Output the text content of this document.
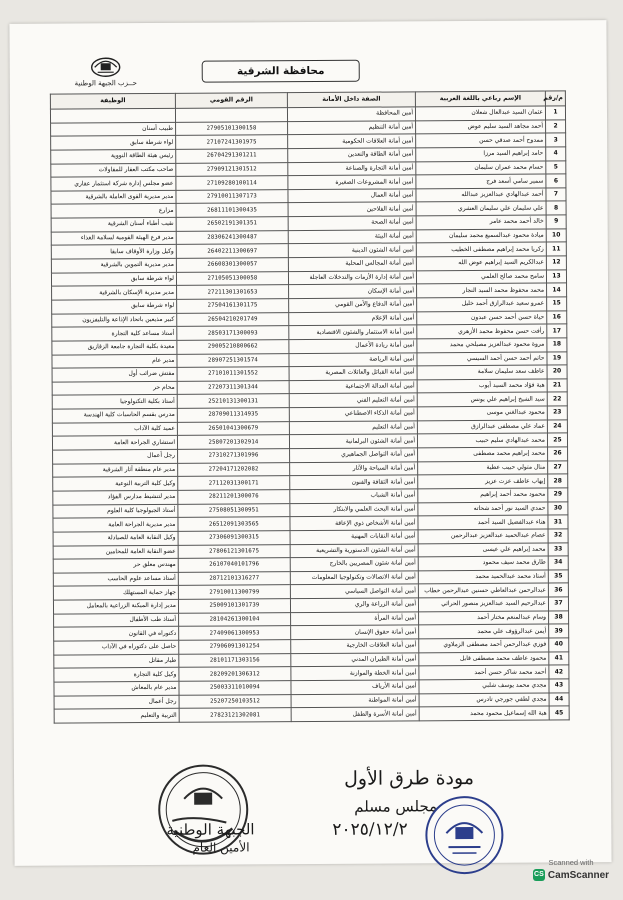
حــزب الجبهة الوطنية
محافظة الشرقية
م/رقم	الإسم رباعي باللغة العربية	الصفة داخل الأمانة	الرقم القومي	الوظيفة
1	عثمان السيد عبدالعال شعلان	أمين المحافظة		
2	أحمد مجاهد السيد سليم عوض	أمين أمانة التنظيم	27905101300158	طبيب أسنان
3	ممدوح أحمد صدقي حسن	أمين أمانة العلاقات الحكومية	27107241301975	لواء شرطة سابق
4	حامد إبراهيم السيد مرزا	أمين أمانة الطاقة والتعدين	26704291301211	رئيس هيئة الطاقة النووية
5	حسام محمد عمران سليمان	أمين أمانة التجارة والصناعة	27909121301512	صاحب مكتب العقار للمقاولات
6	سمير سامي أسعد فرج	أمين أمانة المشروعات الصغيرة	27109280100114	عضو مجلس إدارة شركة استثمار عقاري
7	أحمد عبدالهادي عبدالعزيز عبدالله	أمين أمانة العمال	27910011307173	مدير مديرية القوى العاملة بالشرقية
8	علي سليمان علي سليمان العشري	أمين أمانة الفلاحين	26811101300435	مزارع
9	خالد أحمد محمد عامر	أمين أمانة الصحة	26502191301351	نقيب أطباء أسنان الشرقية
10	ميادة محمود عبدالسميع محمد سليمان	أمين أمانة البيئة	28306241300487	مدير فرع الهيئة القومية لسلامة الغذاء
11	زكريا محمد إبراهيم مصطفى الخطيب	أمين أمانة الشئون الدينية	26402211300697	وكيل وزارة الأوقاف سابقا
12	عبدالكريم السيد إبراهيم عوض الله	أمين أمانة المجالس المحلية	26608301300057	مدير مديرية التموين بالشرقية
13	سامح محمد صالح العلمي	أمين أمانة إدارة الأزمات والتدخلات العاجلة	27105051300058	لواء شرطة سابق
14	محمد محفوظ محمد السيد النجار	أمين أمانة الإسكان	27211301301653	مدير مديرية الإسكان بالشرقية
15	عمرو سعيد عبدالرازق أحمد خليل	أمين أمانة الدفاع والأمن القومي	27504161301175	لواء شرطة سابق
16	حياة حسن أحمد حسن عبدون	أمين أمانة الإعلام	26504210201749	كبير مذيعين باتحاد الإذاعة والتليفزيون
17	رأفت حسن محفوظ محمد الأزهري	أمين أمانة الاستثمار والشئون الاقتصادية	28503171300093	أستاذ مساعد كلية التجارة
18	مروة محمود عبدالعزيز مصيلحي محمد	أمين أمانة ريادة الأعمال	29005210800662	معيدة بكلية التجارة جامعة الزقازيق
19	حاتم أحمد حسن أحمد السيسي	أمين أمانة الرياضة	28907251301574	مدير عام
20	عاطف سعد سليمان سلامة	أمين أمانة القبائل والعائلات المصرية	27101011301552	مفتش ضرائب أول
21	هبة فؤاد محمد السيد أيوب	أمين أمانة العدالة الاجتماعية	27207311301344	محام حر
22	سيد الشيخ إبراهيم علي يونس	أمين أمانة التعليم الفني	25210131300131	أستاذ بكلية التكنولوجيا
23	محمود عبدالغني موسى	أمين أمانة الذكاء الاصطناعي	28709011314935	مدرس بقسم الحاسبات كلية الهندسة
24	عماد علي مصطفى عبدالرازق	أمين أمانة التعليم	26501041300679	عميد كلية الآداب
25	محمد عبدالهادي سليم حبيب	أمين أمانة الشئون البرلمانية	25807201302914	استشاري الجراحة العامة
26	محمد إبراهيم محمد مصطفى	أمين أمانة التواصل الجماهيري	27310271301996	رجل أعمال
27	منال متولي حبيب عطية	أمين أمانة السياحة والآثار	27204171202082	مدير عام منطقة آثار الشرقية
28	إيهاب عاطف عزت عزيز	أمين أمانة الثقافة والفنون	27112031300171	وكيل كلية التربية النوعية
29	محمود محمد أحمد إبراهيم	أمين أمانة الشباب	28211201300076	مدير لتنشيط مدارس الفؤاد
30	حمدي السيد نور أحمد شحاته	أمين أمانة البحث العلمي والابتكار	27508051300951	أستاذ الجيولوجيا كلية العلوم
31	هناء عبدالفضيل السيد أحمد	أمين أمانة الأشخاص ذوي الإعاقة	26512091303565	مدير مديرية الجراحة العامة
32	عصام عبدالحميد عبدالعزيز عبدالرحمن	أمين أمانة النقابات المهنية	27306091300315	وكيل النقابة العامة للصيادلة
33	محمد إبراهيم علي عيسى	أمين أمانة الشئون الدستورية والتشريعية	27806121301675	عضو النقابة العامة للمحامين
34	طارق محمد سيف محمود	أمين أمانة شئون المصريين بالخارج	26107040101796	مهندس معلق حر
35	أستاذ محمد عبدالحميد محمد	أمين أمانة الاتصالات وتكنولوجيا المعلومات	28712101316277	أستاذ مساعد علوم الحاسب
36	عبدالرحمن عبدالعاطي حسنين عبدالرحمن خطاب	أمين أمانة التواصل السياسي	27910011300799	جهاز حماية المستهلك
37	عبدالرحيم السيد عبدالعزيز منصور الحراثي	أمين أمانة الزراعة والري	25009101301739	مدير إدارة الميكنة الزراعية بالمعامل
38	وسام عبدالمنعم مختار أحمد	أمين أمانة المرأة	28104261300104	أستاذ طب الأطفال
39	أيمن عبدالرؤوف علي محمد	أمين أمانة حقوق الإنسان	27409061300953	دكتوراه في القانون
40	فوزي عبدالرحمن أحمد مصطفى الزملاوي	أمين أمانة العلاقات الخارجية	27906091301254	حاصل على دكتوراه في الآداب
41	محمود عاطف محمد مصطفى قابل	أمين أمانة الطيران المدني	28101171303156	طيار مقاتل
42	أحمد محمد شاكر حسن أحمد	أمين أمانة الخطة والموازنة	28209201306312	وكيل كلية التجارة
43	مجدي محمد يوسف شلبي	أمين أمانة الأرياف	25003311010094	مدير عام بالمعاش
44	مجدي لطفي جورجي تادرس	أمين أمانة المواطنة	25207250103512	رجل أعمال
45	هبة الله إسماعيل محمود محمد	أمين أمانة الأسرة والطفل	27823121302081	التربية والتعليم
مودة طرق الأول
مجلس مسلم
٢٠٢٥/١٢/٢
الجبهة الوطنية
الأمين العام
Scanned with
CS CamScanner
